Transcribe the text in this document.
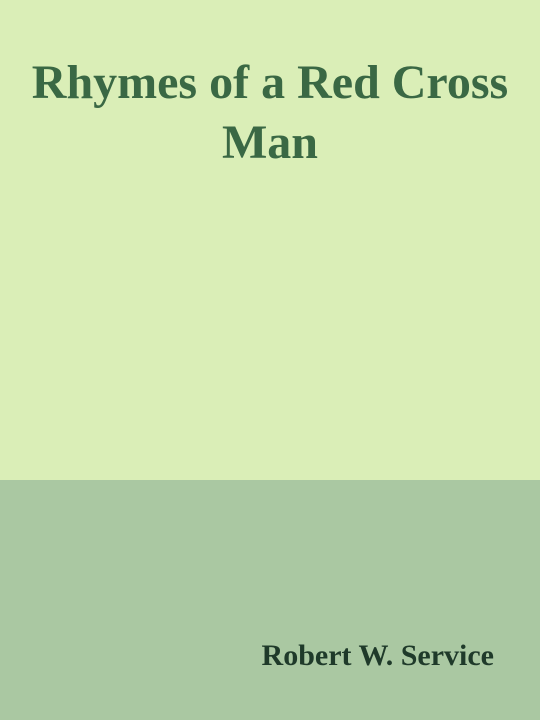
Rhymes of a Red Cross Man

Robert W. Service
